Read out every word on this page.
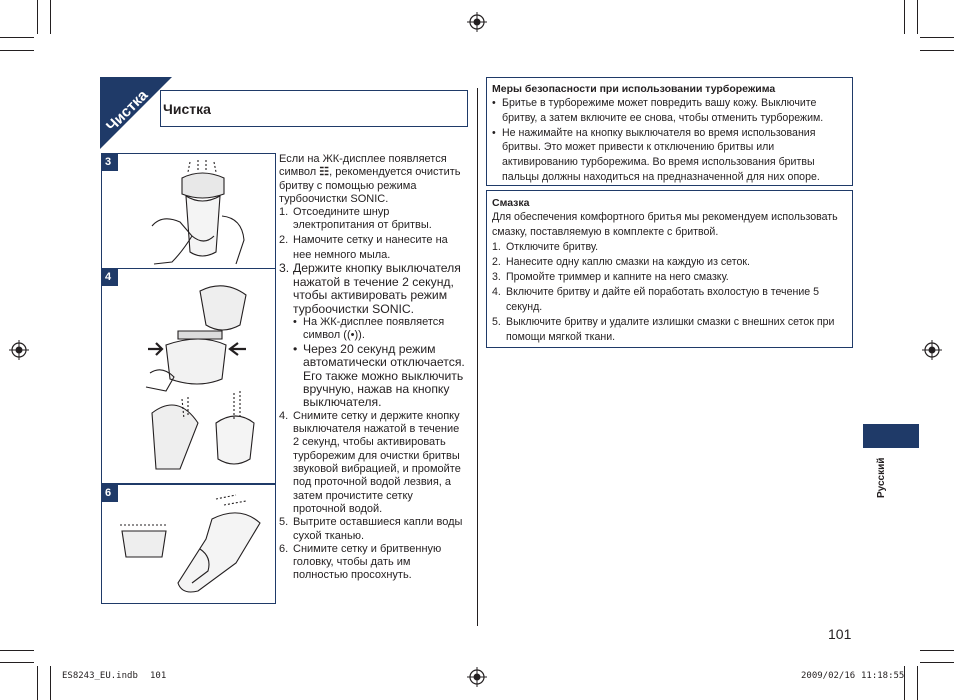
Чистка Чистка
3
4
6
Если на ЖК-дисплее появляется символ ☷, рекомендуется очистить бритву с помощью режима турбоочистки SONIC.
1. Отсоедините шнур электропитания от бритвы.
2. Намочите сетку и нанесите на нее немного мыла.
3. Держите кнопку выключателя нажатой в течение 2 секунд, чтобы активировать режим турбоочистки SONIC.
• На ЖК-дисплее появляется символ ((•)).
• Через 20 секунд режим автоматически отключается. Его также можно выключить вручную, нажав на кнопку выключателя.
4. Снимите сетку и держите кнопку выключателя нажатой в течение 2 секунд, чтобы активировать турборежим для очистки бритвы звуковой вибрацией, и промойте под проточной водой лезвия, а затем прочистите сетку проточной водой.
5. Вытрите оставшиеся капли воды сухой тканью.
6. Снимите сетку и бритвенную головку, чтобы дать им полностью просохнуть.
Меры безопасности при использовании турборежима
• Бритье в турборежиме может повредить вашу кожу. Выключите бритву, а затем включите ее снова, чтобы отменить турборежим.
• Не нажимайте на кнопку выключателя во время использования бритвы. Это может привести к отключению бритвы или активированию турборежима. Во время использования бритвы пальцы должны находиться на предназначенной для них опоре.
Смазка
Для обеспечения комфортного бритья мы рекомендуем использовать смазку, поставляемую в комплекте с бритвой.
1. Отключите бритву.
2. Нанесите одну каплю смазки на каждую из сеток.
3. Промойте триммер и капните на него смазку.
4. Включите бритву и дайте ей поработать вхолостую в течение 5 секунд.
5. Выключите бритву и удалите излишки смазки с внешних сеток при помощи мягкой ткани.
Русский
101
ES8243_EU.indb 101	2009/02/16 11:18:55
